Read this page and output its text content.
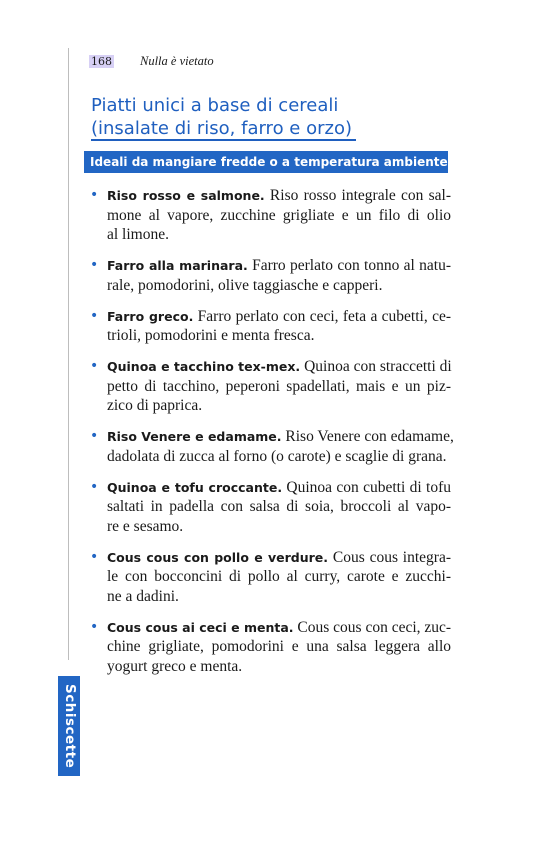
168 Nulla è vietato
Piatti unici a base di cereali
(insalate di riso, farro e orzo)
Ideali da mangiare fredde o a temperatura ambiente
• Riso rosso e salmone. Riso rosso integrale con sal-
mone al vapore, zucchine grigliate e un filo di olio
al limone.
• Farro alla marinara. Farro perlato con tonno al natu-
rale, pomodorini, olive taggiasche e capperi.
• Farro greco. Farro perlato con ceci, feta a cubetti, ce-
trioli, pomodorini e menta fresca.
• Quinoa e tacchino tex-mex. Quinoa con straccetti di
petto di tacchino, peperoni spadellati, mais e un piz-
zico di paprica.
• Riso Venere e edamame. Riso Venere con edamame,
dadolata di zucca al forno (o carote) e scaglie di grana.
• Quinoa e tofu croccante. Quinoa con cubetti di tofu
saltati in padella con salsa di soia, broccoli al vapo-
re e sesamo.
• Cous cous con pollo e verdure. Cous cous integra-
le con bocconcini di pollo al curry, carote e zucchi-
ne a dadini.
• Cous cous ai ceci e menta. Cous cous con ceci, zuc-
chine grigliate, pomodorini e una salsa leggera allo
yogurt greco e menta.
Schiscette
